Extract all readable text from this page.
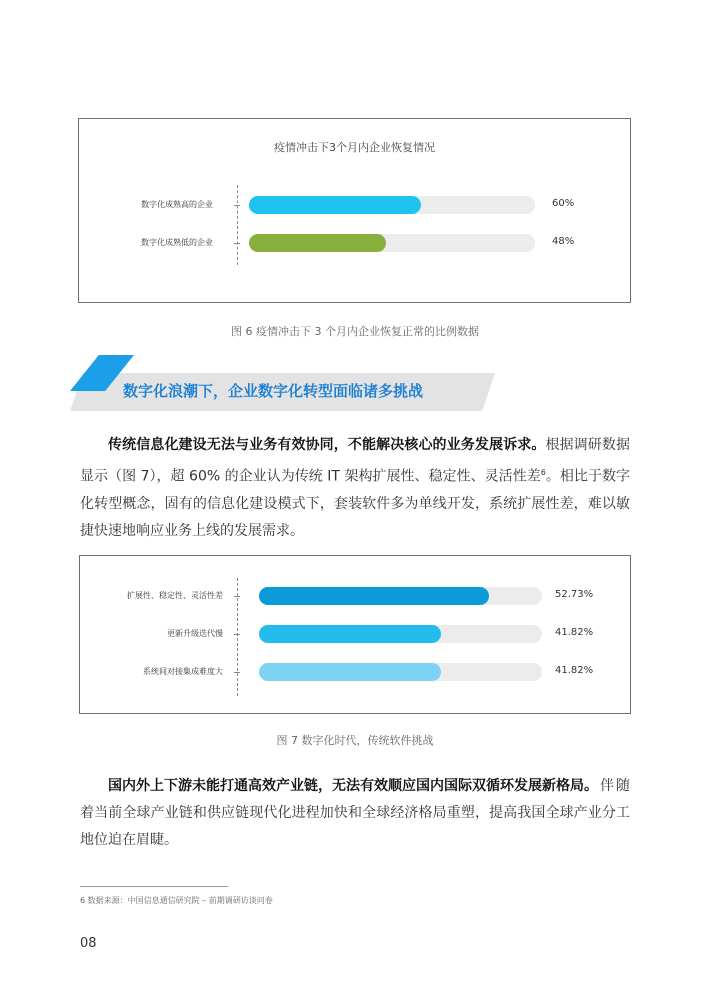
疫情冲击下3个月内企业恢复情况
数字化成熟高的企业	60%
数字化成熟低的企业	48%
图 6 疫情冲击下 3 个月内企业恢复正常的比例数据
数字化浪潮下，企业数字化转型面临诸多挑战
传统信息化建设无法与业务有效协同，不能解决核心的业务发展诉求。根据调研数据显示（图 7），超 60% 的企业认为传统 IT 架构扩展性、稳定性、灵活性差$^6$。相比于数字化转型概念，固有的信息化建设模式下，套装软件多为单线开发，系统扩展性差，难以敏捷快速地响应业务上线的发展需求。
扩展性、稳定性、灵活性差	52.73%
更新升级迭代慢	41.82%
系统间对接集成难度大	41.82%
图 7 数字化时代，传统软件挑战
国内外上下游未能打通高效产业链，无法有效顺应国内国际双循环发展新格局。伴随着当前全球产业链和供应链现代化进程加快和全球经济格局重塑，提高我国全球产业分工地位迫在眉睫。
6 数据来源：中国信息通信研究院 – 前期调研访谈问卷
08
